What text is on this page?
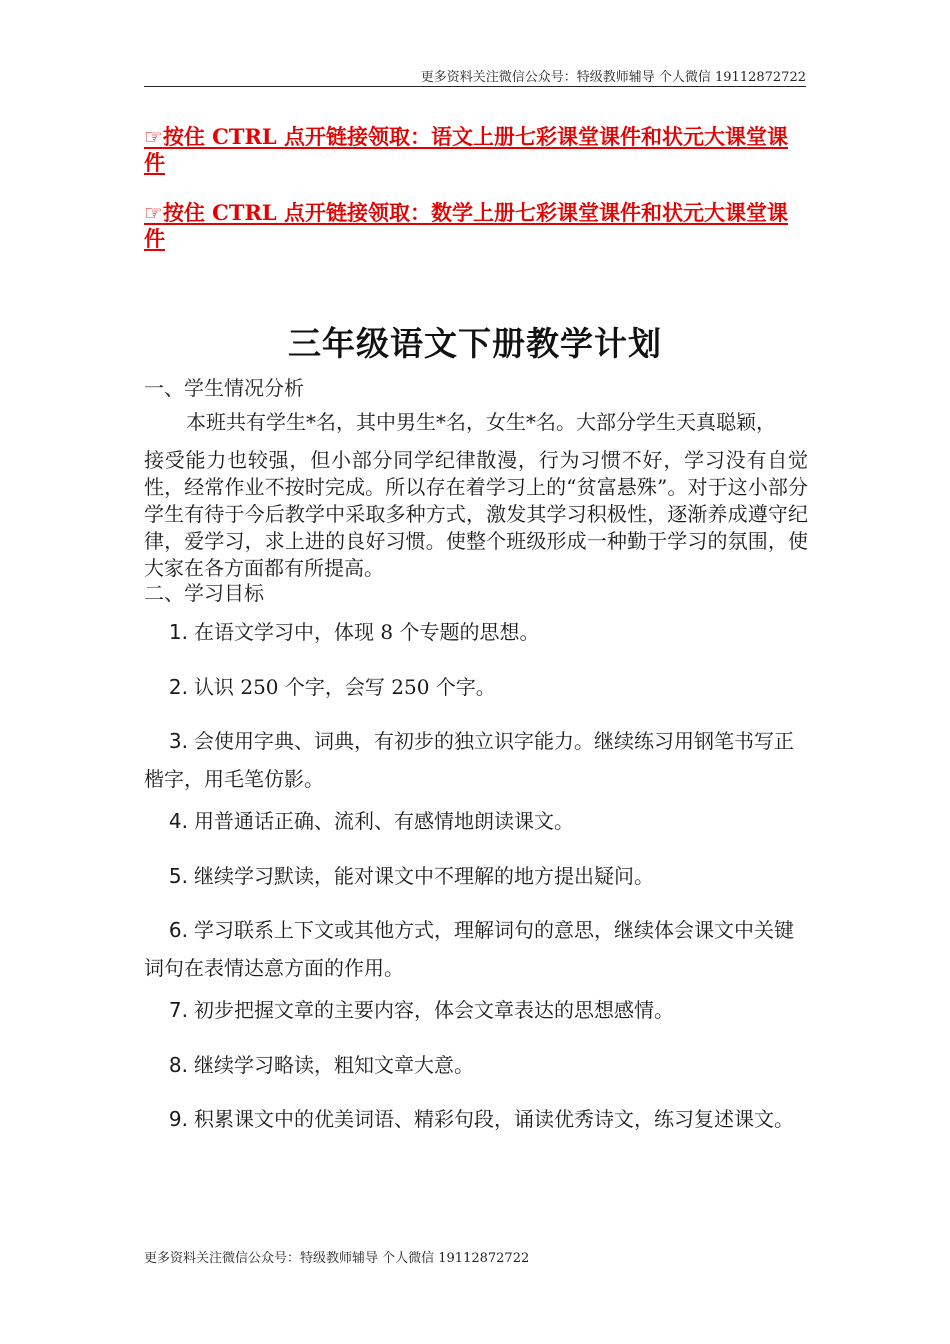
更多资料关注微信公众号：特级教师辅导 个人微信 19112872722
☞按住 CTRL 点开链接领取：语文上册七彩课堂课件和状元大课堂课件
☞按住 CTRL 点开链接领取：数学上册七彩课堂课件和状元大课堂课件
三年级语文下册教学计划
一、学生情况分析
本班共有学生*名，其中男生*名，女生*名。大部分学生天真聪颖，
接受能力也较强，但小部分同学纪律散漫，行为习惯不好，学习没有自觉性，经常作业不按时完成。所以存在着学习上的“贫富悬殊”。对于这小部分学生有待于今后教学中采取多种方式，激发其学习积极性，逐渐养成遵守纪律，爱学习，求上进的良好习惯。使整个班级形成一种勤于学习的氛围，使大家在各方面都有所提高。
二、学习目标
1 . 在语文学习中，体现 8 个专题的思想。
2 . 认识 250 个字，会写 250 个字。
3 . 会使用字典、词典，有初步的独立识字能力。继续练习用钢笔书写正楷字，用毛笔仿影。
4 . 用普通话正确、流利、有感情地朗读课文。
5 . 继续学习默读，能对课文中不理解的地方提出疑问。
6 . 学习联系上下文或其他方式，理解词句的意思，继续体会课文中关键词句在表情达意方面的作用。
7 . 初步把握文章的主要内容，体会文章表达的思想感情。
8 . 继续学习略读，粗知文章大意。
9 . 积累课文中的优美词语、精彩句段，诵读优秀诗文，练习复述课文。
更多资料关注微信公众号：特级教师辅导 个人微信 19112872722
